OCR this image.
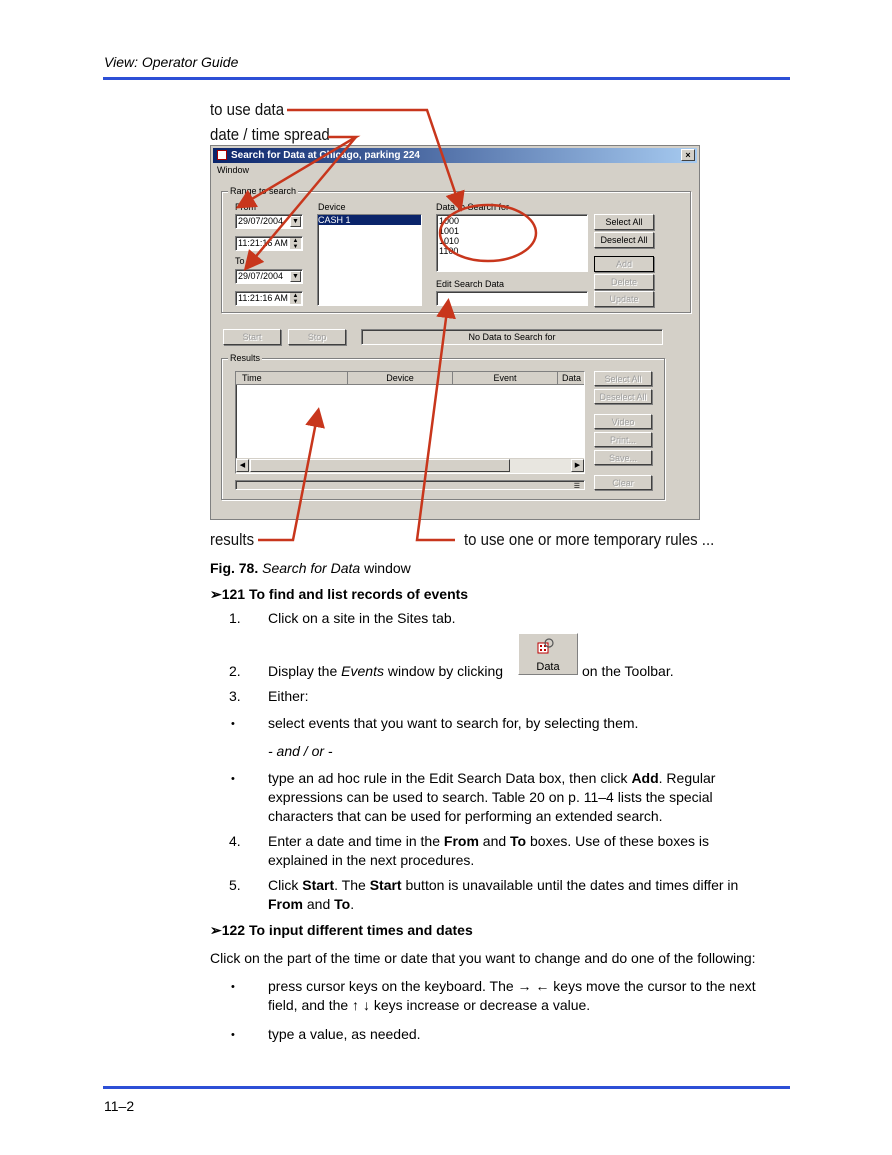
View: Operator Guide
to use data
date / time spread
results	to use one or more temporary rules ...
Search for Data at Chicago, parking 224	×
Window
Range to search
From
29/07/2004 ▼
11:21:16 AM ▲
▼
To
29/07/2004 ▼
11:21:16 AM ▲
▼
Device
CASH 1
Data to Search for
1000
1001
1010
1100
Edit Search Data
Select All
Deselect All
Add
Delete
Update
Start	Stop	No Data to Search for
Results
Time	Device	Event	Data
◀	▶
☰
Select All
Deselect All
Video
Print...
Save...
Clear
Fig. 78. Search for Data window
➢121 To find and list records of events
1. Click on a site in the Sites tab.
2. Display the Events window by clicking	Data	on the Toolbar.
3. Either:
• select events that you want to search for, by selecting them.
- and / or -
• type an ad hoc rule in the Edit Search Data box, then click Add. Regular
expressions can be used to search. Table 20 on p. 11–4 lists the special
characters that can be used for performing an extended search.
4. Enter a date and time in the From and To boxes. Use of these boxes is
explained in the next procedures.
5. Click Start. The Start button is unavailable until the dates and times differ in
From and To.
➢122 To input different times and dates
Click on the part of the time or date that you want to change and do one of the following:
• press cursor keys on the keyboard. The → ← keys move the cursor to the next
field, and the ↑ ↓ keys increase or decrease a value.
• type a value, as needed.
11–2
